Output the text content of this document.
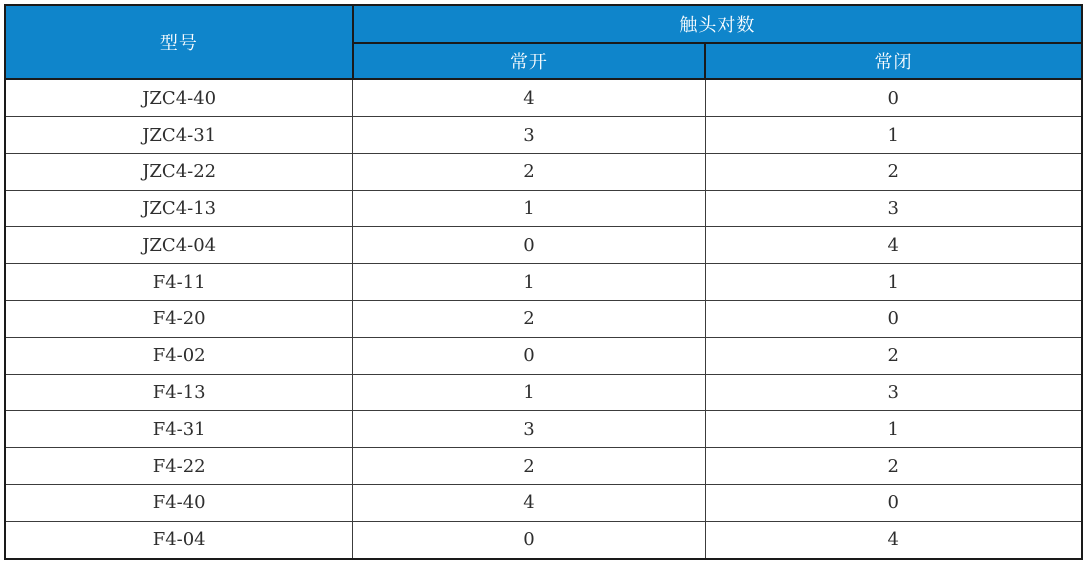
型号	触头对数	
	常开	常闭
JZC4-40	4	0
JZC4-31	3	1
JZC4-22	2	2
JZC4-13	1	3
JZC4-04	0	4
F4-11	1	1
F4-20	2	0
F4-02	0	2
F4-13	1	3
F4-31	3	1
F4-22	2	2
F4-40	4	0
F4-04	0	4
